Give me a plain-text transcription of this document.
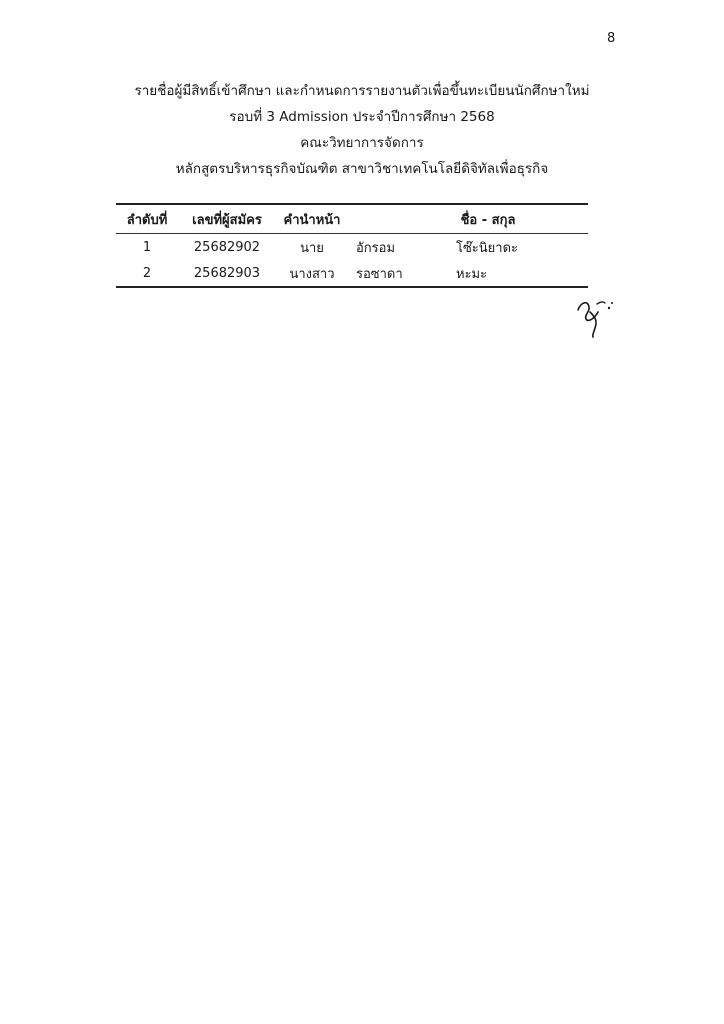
8
รายชื่อผู้มีสิทธิ์เข้าศึกษา และกำหนดการรายงานตัวเพื่อขึ้นทะเบียนนักศึกษาใหม่
รอบที่ 3 Admission ประจำปีการศึกษา 2568
คณะวิทยาการจัดการ
หลักสูตรบริหารธุรกิจบัณฑิต สาขาวิชาเทคโนโลยีดิจิทัลเพื่อธุรกิจ
ลำดับที่	เลขที่ผู้สมัคร	คำนำหน้า	ชื่อ - สกุล	
1	25682902	นาย	อักรอม	โซ๊ะนิยาดะ
2	25682903	นางสาว	รอซาดา	หะมะ
